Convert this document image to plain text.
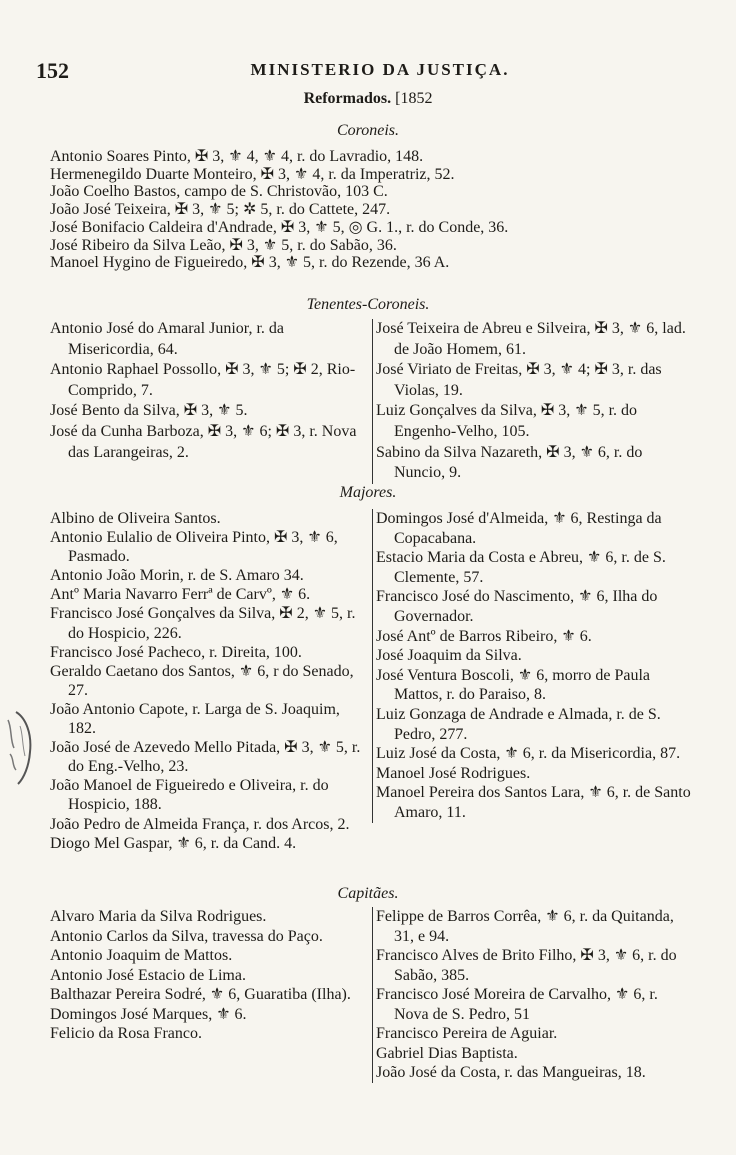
152	MINISTERIO DA JUSTIÇA.
Reformados. [1852
Coroneis.
Antonio Soares Pinto, ✠ 3, ⚜ 4, ⚜ 4, r. do Lavradio, 148.
Hermenegildo Duarte Monteiro, ✠ 3, ⚜ 4, r. da Imperatriz, 52.
João Coelho Bastos, campo de S. Christovão, 103 C.
João José Teixeira, ✠ 3, ⚜ 5; ✲ 5, r. do Cattete, 247.
José Bonifacio Caldeira d'Andrade, ✠ 3, ⚜ 5, ◎ G. 1., r. do Conde, 36.
José Ribeiro da Silva Leão, ✠ 3, ⚜ 5, r. do Sabão, 36.
Manoel Hygino de Figueiredo, ✠ 3, ⚜ 5, r. do Rezende, 36 A.
Tenentes-Coroneis.
Antonio José do Amaral Junior, r. da Misericordia, 64.
Antonio Raphael Possollo, ✠ 3, ⚜ 5; ✠ 2, Rio-Comprido, 7.
José Bento da Silva, ✠ 3, ⚜ 5.
José da Cunha Barboza, ✠ 3, ⚜ 6; ✠ 3, r. Nova das Larangeiras, 2.
José Teixeira de Abreu e Silveira, ✠ 3, ⚜ 6, lad. de João Homem, 61.
José Viriato de Freitas, ✠ 3, ⚜ 4; ✠ 3, r. das Violas, 19.
Luiz Gonçalves da Silva, ✠ 3, ⚜ 5, r. do Engenho-Velho, 105.
Sabino da Silva Nazareth, ✠ 3, ⚜ 6, r. do Nuncio, 9.
Majores.
Albino de Oliveira Santos.
Antonio Eulalio de Oliveira Pinto, ✠ 3, ⚜ 6, Pasmado.
Antonio João Morin, r. de S. Amaro 34.
Antº Maria Navarro Ferrª de Carvº, ⚜ 6.
Francisco José Gonçalves da Silva, ✠ 2, ⚜ 5, r. do Hospicio, 226.
Francisco José Pacheco, r. Direita, 100.
Geraldo Caetano dos Santos, ⚜ 6, r do Senado, 27.
João Antonio Capote, r. Larga de S. Joaquim, 182.
João José de Azevedo Mello Pitada, ✠ 3, ⚜ 5, r. do Eng.-Velho, 23.
João Manoel de Figueiredo e Oliveira, r. do Hospicio, 188.
João Pedro de Almeida França, r. dos Arcos, 2.
Diogo Mel Gaspar, ⚜ 6, r. da Cand. 4.
Domingos José d'Almeida, ⚜ 6, Restinga da Copacabana.
Estacio Maria da Costa e Abreu, ⚜ 6, r. de S. Clemente, 57.
Francisco José do Nascimento, ⚜ 6, Ilha do Governador.
José Antº de Barros Ribeiro, ⚜ 6.
José Joaquim da Silva.
José Ventura Boscoli, ⚜ 6, morro de Paula Mattos, r. do Paraiso, 8.
Luiz Gonzaga de Andrade e Almada, r. de S. Pedro, 277.
Luiz José da Costa, ⚜ 6, r. da Misericordia, 87.
Manoel José Rodrigues.
Manoel Pereira dos Santos Lara, ⚜ 6, r. de Santo Amaro, 11.
Capitães.
Alvaro Maria da Silva Rodrigues.
Antonio Carlos da Silva, travessa do Paço.
Antonio Joaquim de Mattos.
Antonio José Estacio de Lima.
Balthazar Pereira Sodré, ⚜ 6, Guaratiba (Ilha).
Domingos José Marques, ⚜ 6.
Felicio da Rosa Franco.
Felippe de Barros Corrêa, ⚜ 6, r. da Quitanda, 31, e 94.
Francisco Alves de Brito Filho, ✠ 3, ⚜ 6, r. do Sabão, 385.
Francisco José Moreira de Carvalho, ⚜ 6, r. Nova de S. Pedro, 51
Francisco Pereira de Aguiar.
Gabriel Dias Baptista.
João José da Costa, r. das Mangueiras, 18.
